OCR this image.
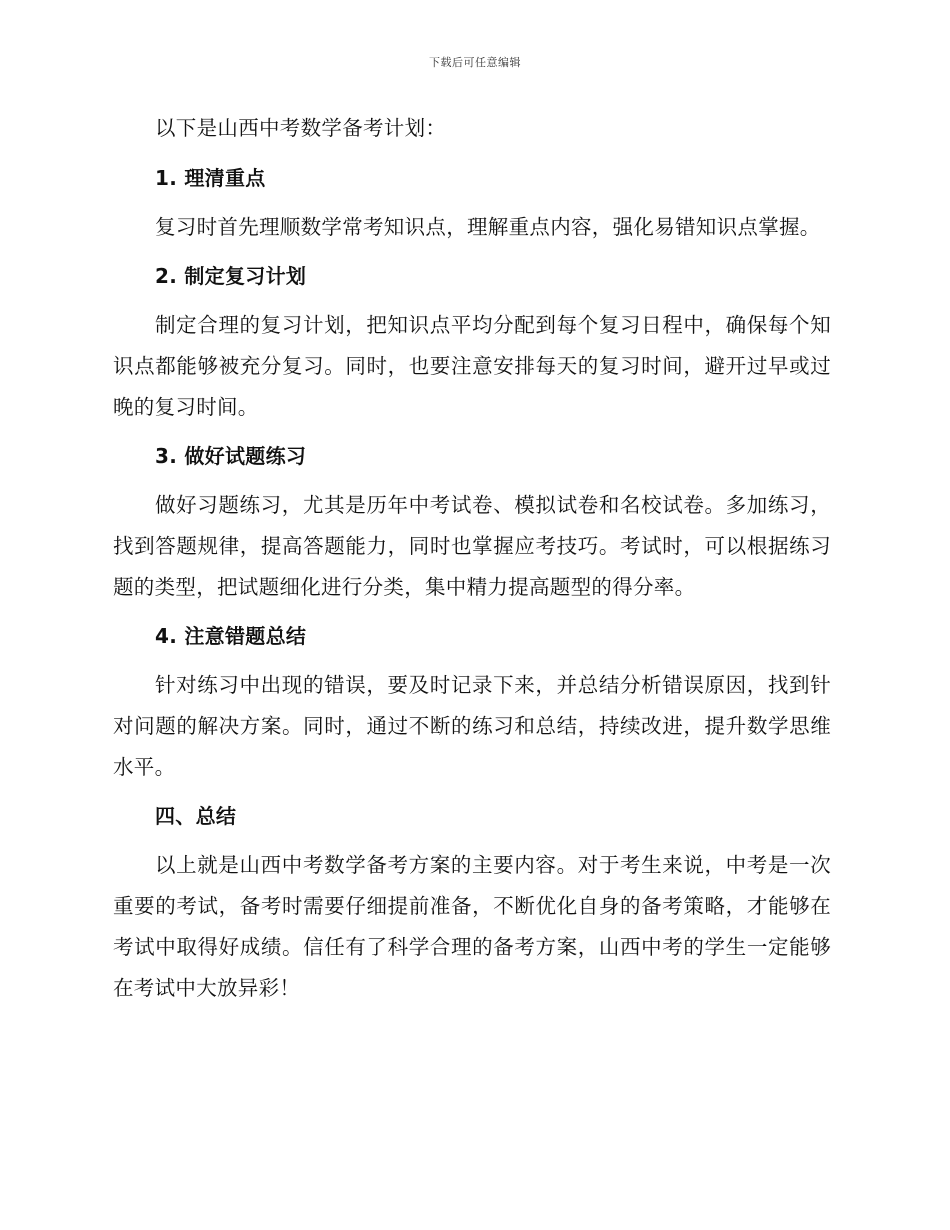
下载后可任意编辑

以下是山西中考数学备考计划：

1. 理清重点

复习时首先理顺数学常考知识点，理解重点内容，强化易错知识点掌握。

2. 制定复习计划

制定合理的复习计划，把知识点平均分配到每个复习日程中，确保每个知识点都能够被充分复习。同时，也要注意安排每天的复习时间，避开过早或过晚的复习时间。

3. 做好试题练习

做好习题练习，尤其是历年中考试卷、模拟试卷和名校试卷。多加练习，找到答题规律，提高答题能力，同时也掌握应考技巧。考试时，可以根据练习题的类型，把试题细化进行分类，集中精力提高题型的得分率。

4. 注意错题总结

针对练习中出现的错误，要及时记录下来，并总结分析错误原因，找到针对问题的解决方案。同时，通过不断的练习和总结，持续改进，提升数学思维水平。

四、总结

以上就是山西中考数学备考方案的主要内容。对于考生来说，中考是一次重要的考试，备考时需要仔细提前准备，不断优化自身的备考策略，才能够在考试中取得好成绩。信任有了科学合理的备考方案，山西中考的学生一定能够在考试中大放异彩！
